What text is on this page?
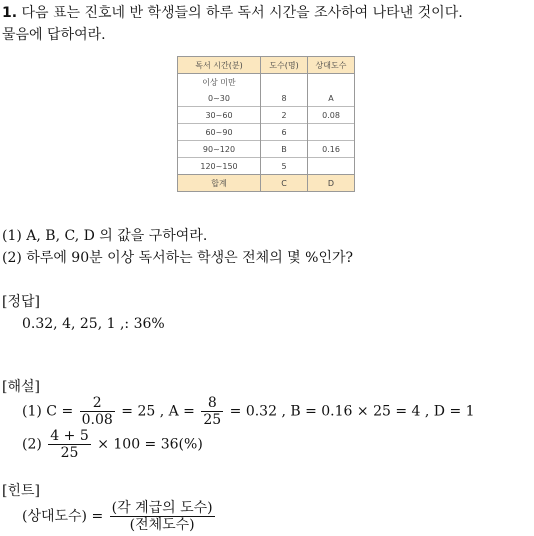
1. 다음 표는 진호네 반 학생들의 하루 독서 시간을 조사하여 나타낸 것이다.
물음에 답하여라.
독서 시간(분)	도수(명)	상대도수
이상 미만		
0~30	8	A
30~60	2	0.08
60~90	6	
90~120	B	0.16
120~150	5	
합계	C	D
(1) A, B, C, D 의 값을 구하여라.
(2) 하루에 90분 이상 독서하는 학생은 전체의 몇 %인가?
[정답]
0.32, 4, 25, 1 ,: 36%
[해설]
(1) $C = \frac{2}{0.08} = 25$ , $A = \frac{8}{25} = 0.32$ , B = 0.16 × 25 = 4 , D = 1
$(2) \frac{4 + 5}{25} \times 100 = 36(\%)$
[힌트]
(상대도수) = $\frac{\text{(각 계급의 도수)}}{\text{(전체도수)}}$
